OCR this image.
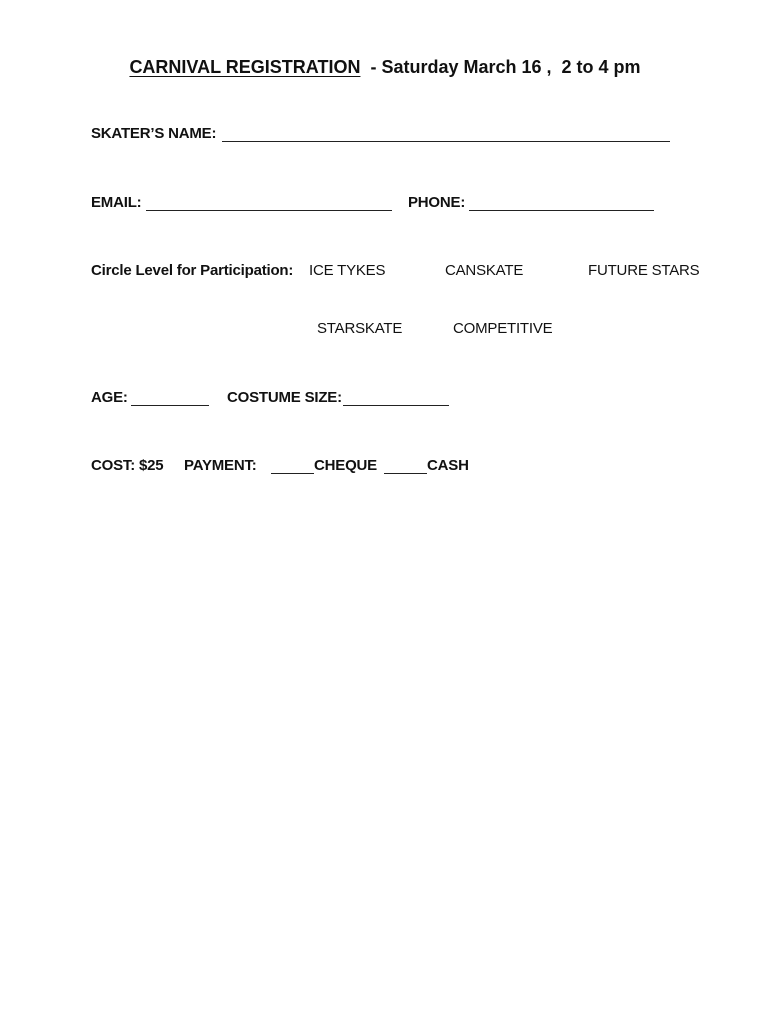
CARNIVAL REGISTRATION  - Saturday March 16 ,  2 to 4 pm
SKATER’S NAME:
EMAIL:	PHONE:
Circle Level for Participation: ICE TYKES	CANSKATE	FUTURE STARS
STARSKATE	COMPETITIVE
AGE:	COSTUME SIZE:
COST: $25 PAYMENT:	CHEQUE	CASH
